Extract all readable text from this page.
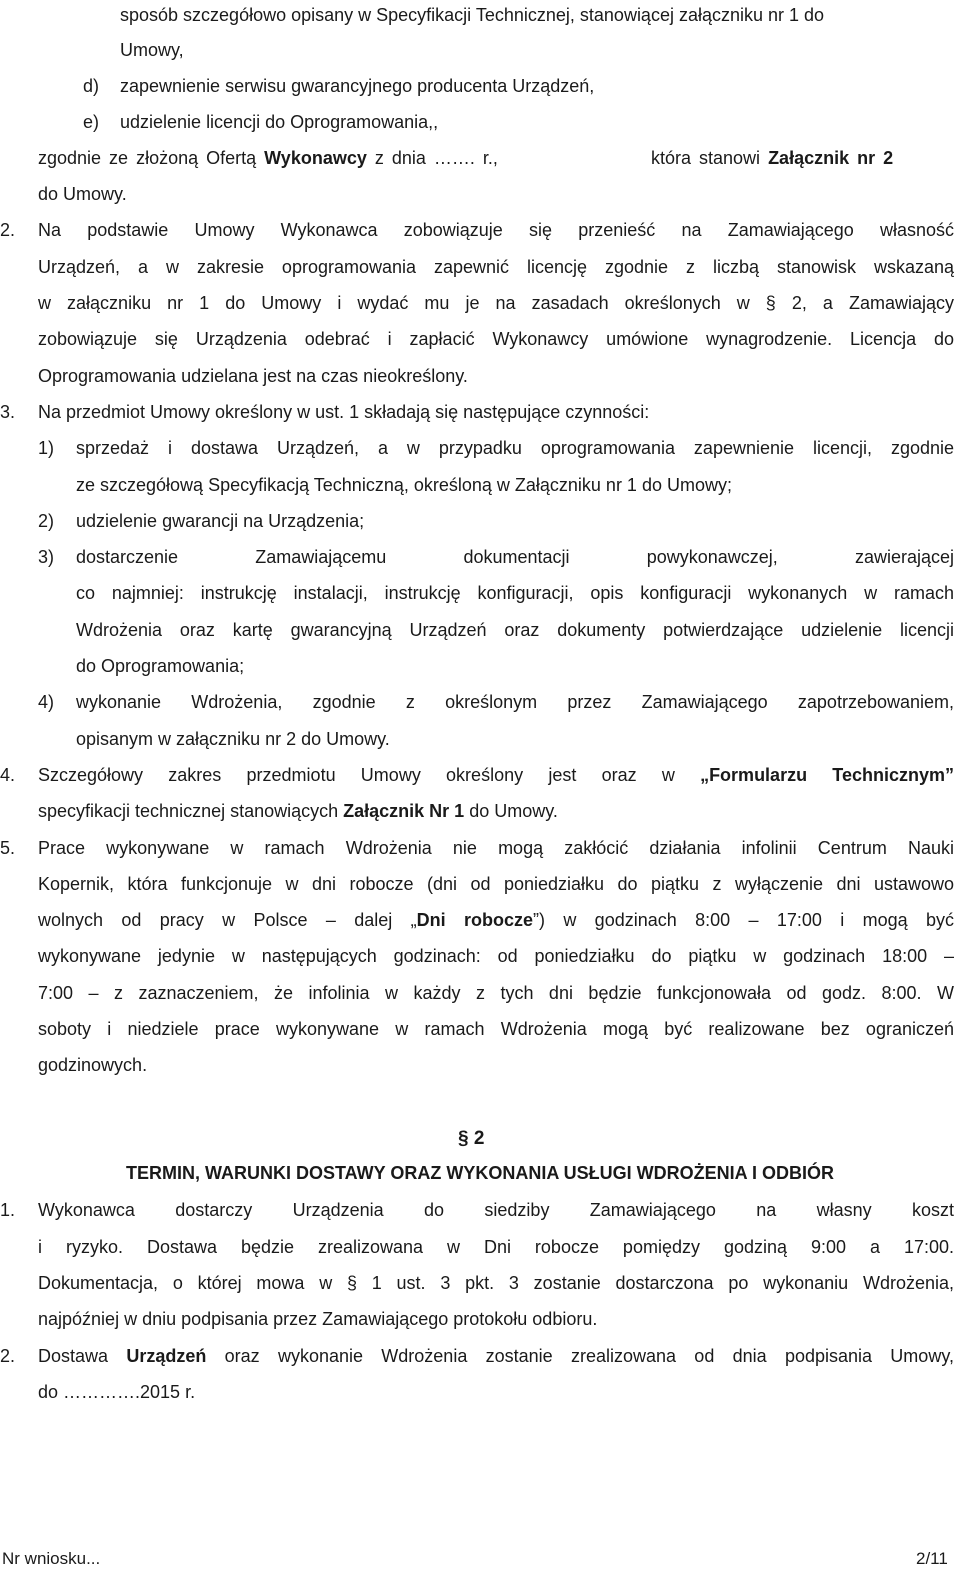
sposób szczegółowo opisany w Specyfikacji Technicznej, stanowiącej załączniku nr 1 do
Umowy,
d) zapewnienie serwisu gwarancyjnego producenta Urządzeń,
e) udzielenie licencji do Oprogramowania,,
zgodnie ze złożoną Ofertą Wykonawcy z dnia ……. r.,	która stanowi Załącznik nr 2
do Umowy.
2. Na podstawie Umowy Wykonawca zobowiązuje się przenieść na Zamawiającego własność
Urządzeń, a w zakresie oprogramowania zapewnić licencję zgodnie z liczbą stanowisk wskazaną
w załączniku nr 1 do Umowy i wydać mu je na zasadach określonych w § 2, a Zamawiający
zobowiązuje się Urządzenia odebrać i zapłacić Wykonawcy umówione wynagrodzenie. Licencja do
Oprogramowania udzielana jest na czas nieokreślony.
3. Na przedmiot Umowy określony w ust. 1 składają się następujące czynności:
1) sprzedaż i dostawa Urządzeń, a w przypadku oprogramowania zapewnienie licencji, zgodnie
ze szczegółową Specyfikacją Techniczną, określoną w Załączniku nr 1 do Umowy;
2) udzielenie gwarancji na Urządzenia;
3) dostarczenie Zamawiającemu dokumentacji powykonawczej, zawierającej
co najmniej: instrukcję instalacji, instrukcję konfiguracji, opis konfiguracji wykonanych w ramach
Wdrożenia oraz kartę gwarancyjną Urządzeń oraz dokumenty potwierdzające udzielenie licencji
do Oprogramowania;
4) wykonanie Wdrożenia, zgodnie z określonym przez Zamawiającego zapotrzebowaniem,
opisanym w załączniku nr 2 do Umowy.
4. Szczegółowy zakres przedmiotu Umowy określony jest oraz w „Formularzu Technicznym”
specyfikacji technicznej stanowiących Załącznik Nr 1 do Umowy.
5. Prace wykonywane w ramach Wdrożenia nie mogą zakłócić działania infolinii Centrum Nauki
Kopernik, która funkcjonuje w dni robocze (dni od poniedziałku do piątku z wyłączenie dni ustawowo
wolnych od pracy w Polsce – dalej „Dni robocze”) w godzinach 8:00 – 17:00 i mogą być
wykonywane jedynie w następujących godzinach: od poniedziałku do piątku w godzinach 18:00 –
7:00 – z zaznaczeniem, że infolinia w każdy z tych dni będzie funkcjonowała od godz. 8:00. W
soboty i niedziele prace wykonywane w ramach Wdrożenia mogą być realizowane bez ograniczeń
godzinowych.
§ 2
TERMIN, WARUNKI DOSTAWY ORAZ WYKONANIA USŁUGI WDROŻENIA I ODBIÓR
1. Wykonawca dostarczy Urządzenia do siedziby Zamawiającego na własny koszt
i ryzyko. Dostawa będzie zrealizowana w Dni robocze pomiędzy godziną 9:00 a 17:00.
Dokumentacja, o której mowa w § 1 ust. 3 pkt. 3 zostanie dostarczona po wykonaniu Wdrożenia,
najpóźniej w dniu podpisania przez Zamawiającego protokołu odbioru.
2. Dostawa Urządzeń oraz wykonanie Wdrożenia zostanie zrealizowana od dnia podpisania Umowy,
do ………….2015 r.
Nr wniosku...	2/11
